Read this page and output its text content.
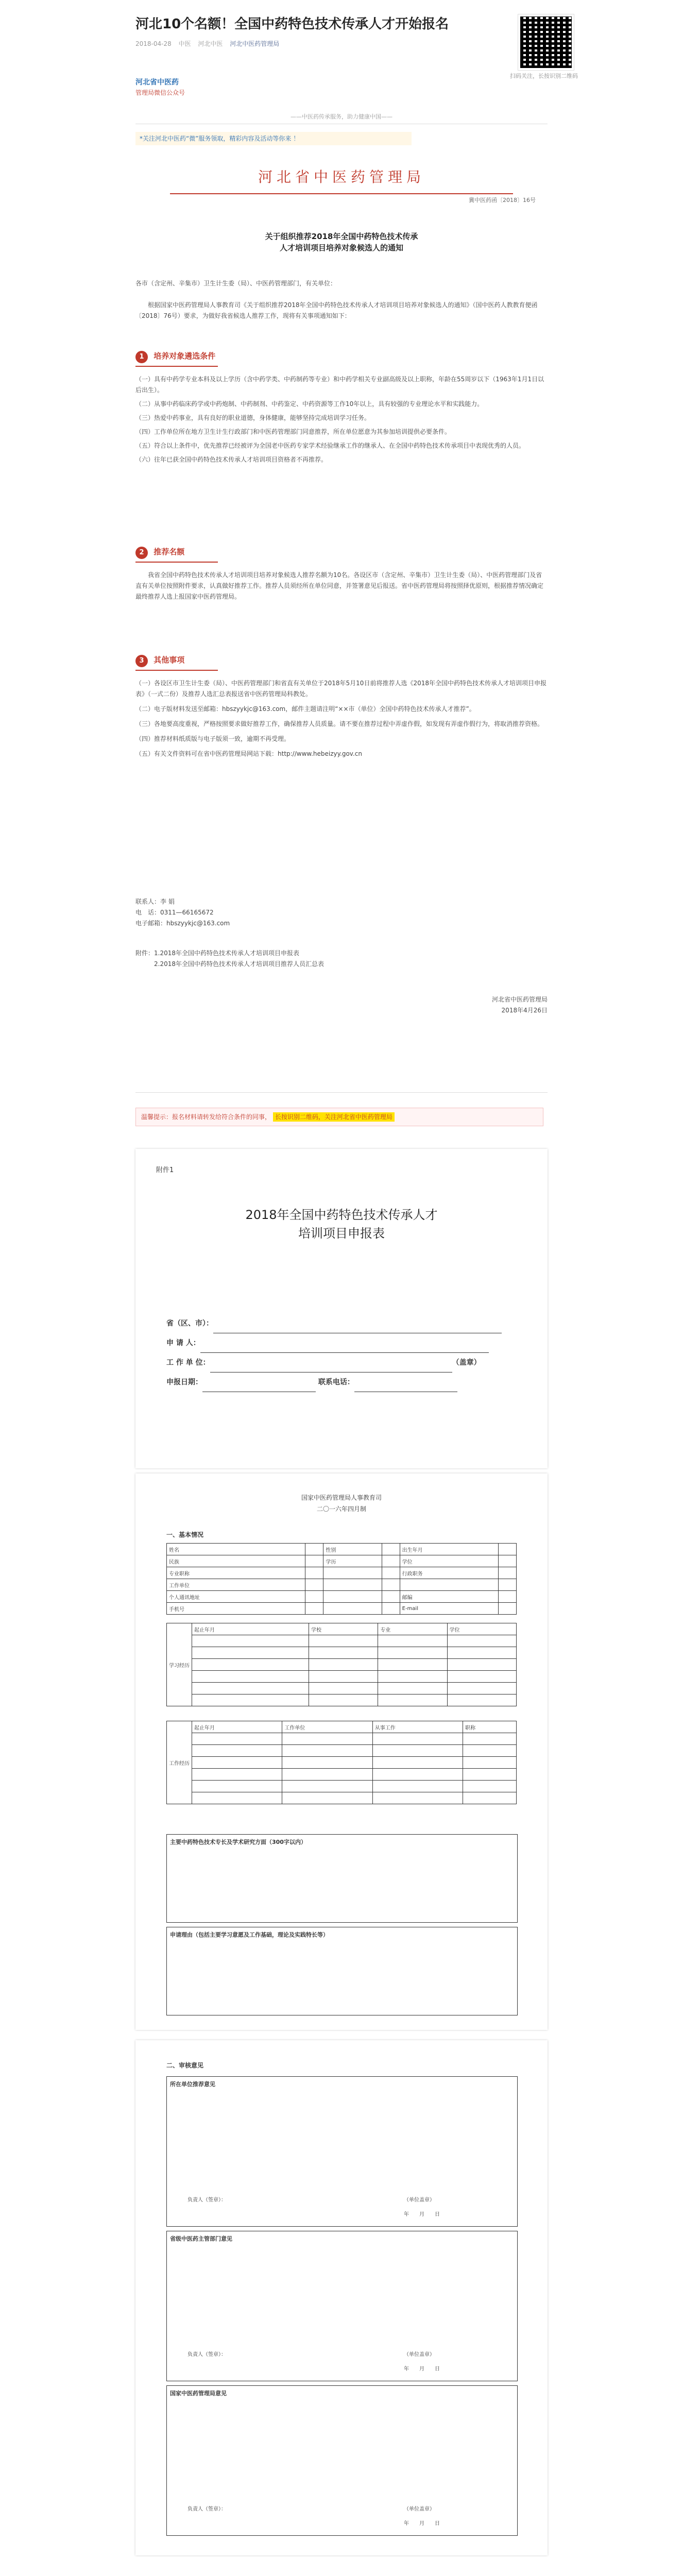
河北10个名额！全国中药特色技术传承人才开始报名
2018-04-28 中医 河北中医 河北中医药管理局
扫码关注，长按识别二维码
河北省中医药
管理局微信公众号
——中医药传承服务，助力健康中国——
*关注河北中医药“微”服务领取，精彩内容及活动等你来 ！
河北省中医药管理局
冀中医药函〔2018〕16号
关于组织推荐2018年全国中药特色技术传承
人才培训项目培养对象候选人的通知
各市（含定州、辛集市）卫生计生委（局）、中医药管理部门，有关单位：
根据国家中医药管理局人事教育司《关于组织推荐2018年全国中药特色技术传承人才培训项目培养对象候选人的通知》（国中医药人教教育便函〔2018〕76号）要求，为做好我省候选人推荐工作，现将有关事项通知如下：
1 培养对象遴选条件
（一）具有中药学专业本科及以上学历（含中药学类、中药制药等专业）和中药学相关专业副高级及以上职称，年龄在55周岁以下（1963年1月1日以后出生）。
（二）从事中药临床药学或中药炮制、中药制剂、中药鉴定、中药资源等工作10年以上，具有较强的专业理论水平和实践能力。
（三）热爱中药事业，具有良好的职业道德，身体健康，能够坚持完成培训学习任务。
（四）工作单位所在地方卫生计生行政部门和中医药管理部门同意推荐，所在单位愿意为其参加培训提供必要条件。
（五）符合以上条件中，优先推荐已经被评为全国老中医药专家学术经验继承工作的继承人、在全国中药特色技术传承项目中表现优秀的人员。
（六）往年已获全国中药特色技术传承人才培训项目资格者不再推荐。
2 推荐名额
我省全国中药特色技术传承人才培训项目培养对象候选人推荐名额为10名。各设区市（含定州、辛集市）卫生计生委（局）、中医药管理部门及省直有关单位按照附件要求，认真做好推荐工作。推荐人员须经所在单位同意，并签署意见后报送。省中医药管理局将按照择优原则，根据推荐情况确定最终推荐人选上报国家中医药管理局。
3 其他事项
（一）各设区市卫生计生委（局）、中医药管理部门和省直有关单位于2018年5月10日前将推荐人选《2018年全国中药特色技术传承人才培训项目申报表》（一式二份）及推荐人选汇总表报送省中医药管理局科教处。
（二）电子版材料发送至邮箱：hbszyykjc@163.com，邮件主题请注明“××市（单位）全国中药特色技术传承人才推荐”。
（三）各地要高度重视，严格按照要求做好推荐工作，确保推荐人员质量。请不要在推荐过程中弄虚作假，如发现有弄虚作假行为，将取消推荐资格。
（四）推荐材料纸质版与电子版须一致，逾期不再受理。
（五）有关文件资料可在省中医药管理局网站下载：http://www.hebeizyy.gov.cn
联系人：李 娟
电　话：0311—66165672
电子邮箱：hbszyykjc@163.com
附件：1.2018年全国中药特色技术传承人才培训项目申报表
2.2018年全国中药特色技术传承人才培训项目推荐人员汇总表
河北省中医药管理局
2018年4月26日
温馨提示：报名材料请转发给符合条件的同事， 长按识别二维码，关注河北省中医药管理局
附件1
2018年全国中药特色技术传承人才
培训项目申报表
省（区、市）：
申 请 人：
工 作 单 位：	（盖章）
申报日期：	联系电话：
国家中医药管理局人事教育司
二〇一六年四月制
一、基本情况
姓名		性别		出生年月	
民族		学历		学位	
专业职称				行政职务	
工作单位					
个人通讯地址				邮编	
手机号				E-mail	
学习经历	起止年月	学校	专业	学位

工作经历	起止年月	工作单位	从事工作	职称

主要中药特色技术专长及学术研究方面（300字以内）
申请理由（包括主要学习意愿及工作基础，理论及实践特长等）
二、审核意见
所在单位推荐意见
负责人（签章）：	（单位盖章）
年　　月　　日
省级中医药主管部门意见
负责人（签章）：	（单位盖章）
年　　月　　日
国家中医药管理局意见
负责人（签章）：	（单位盖章）
年　　月　　日
